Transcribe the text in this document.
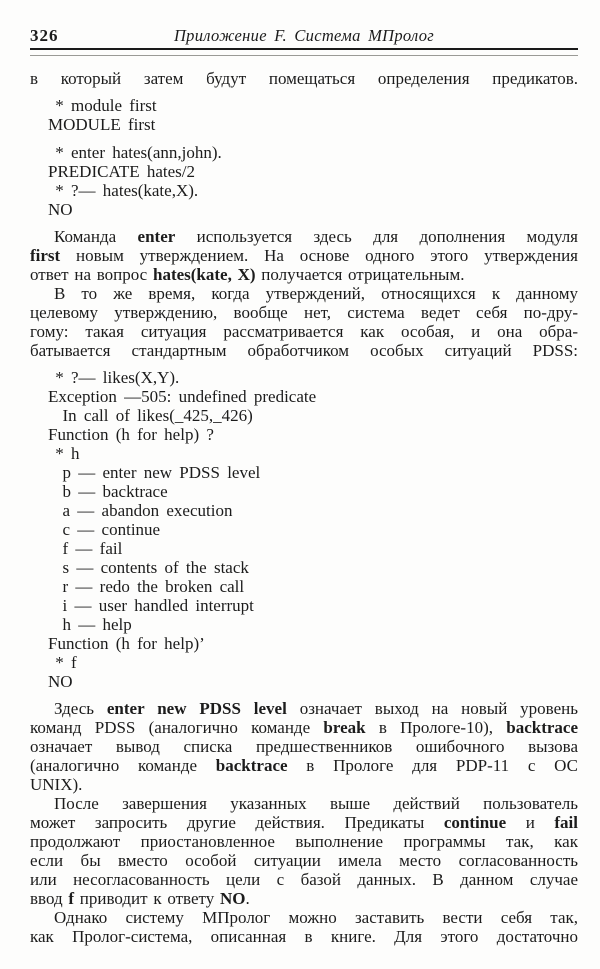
326	Приложение F. Система МПролог
в который затем будут помещаться определения предикатов.
* module first
MODULE first
* enter hates(ann,john).
PREDICATE hates/2
* ?— hates(kate,X).
NO
Команда enter используется здесь для дополнения модуля
first новым утверждением. На основе одного этого утверждения
ответ на вопрос hates(kate, X) получается отрицательным.
В то же время, когда утверждений, относящихся к данному
целевому утверждению, вообще нет, система ведет себя по-дру-
гому: такая ситуация рассматривается как особая, и она обра-
батывается стандартным обработчиком особых ситуаций PDSS:
* ?— likes(X,Y).
Exception —505: undefined predicate
In call of likes(_425,_426)
Function (h for help) ?
* h
p — enter new PDSS level
b — backtrace
a — abandon execution
c — continue
f — fail
s — contents of the stack
r — redo the broken call
i — user handled interrupt
h — help
Function (h for help)’
* f
NO
Здесь enter new PDSS level означает выход на новый уровень
команд PDSS (аналогично команде break в Прологе-10), backtrace
означает вывод списка предшественников ошибочного вызова
(аналогично команде backtrace в Прологе для PDP-11 с ОС
UNIX).
После завершения указанных выше действий пользователь
может запросить другие действия. Предикаты continue и fail
продолжают приостановленное выполнение программы так, как
если бы вместо особой ситуации имела место согласованность
или несогласованность цели с базой данных. В данном случае
ввод f приводит к ответу NO.
Однако систему МПролог можно заставить вести себя так,
как Пролог-система, описанная в книге. Для этого достаточно
